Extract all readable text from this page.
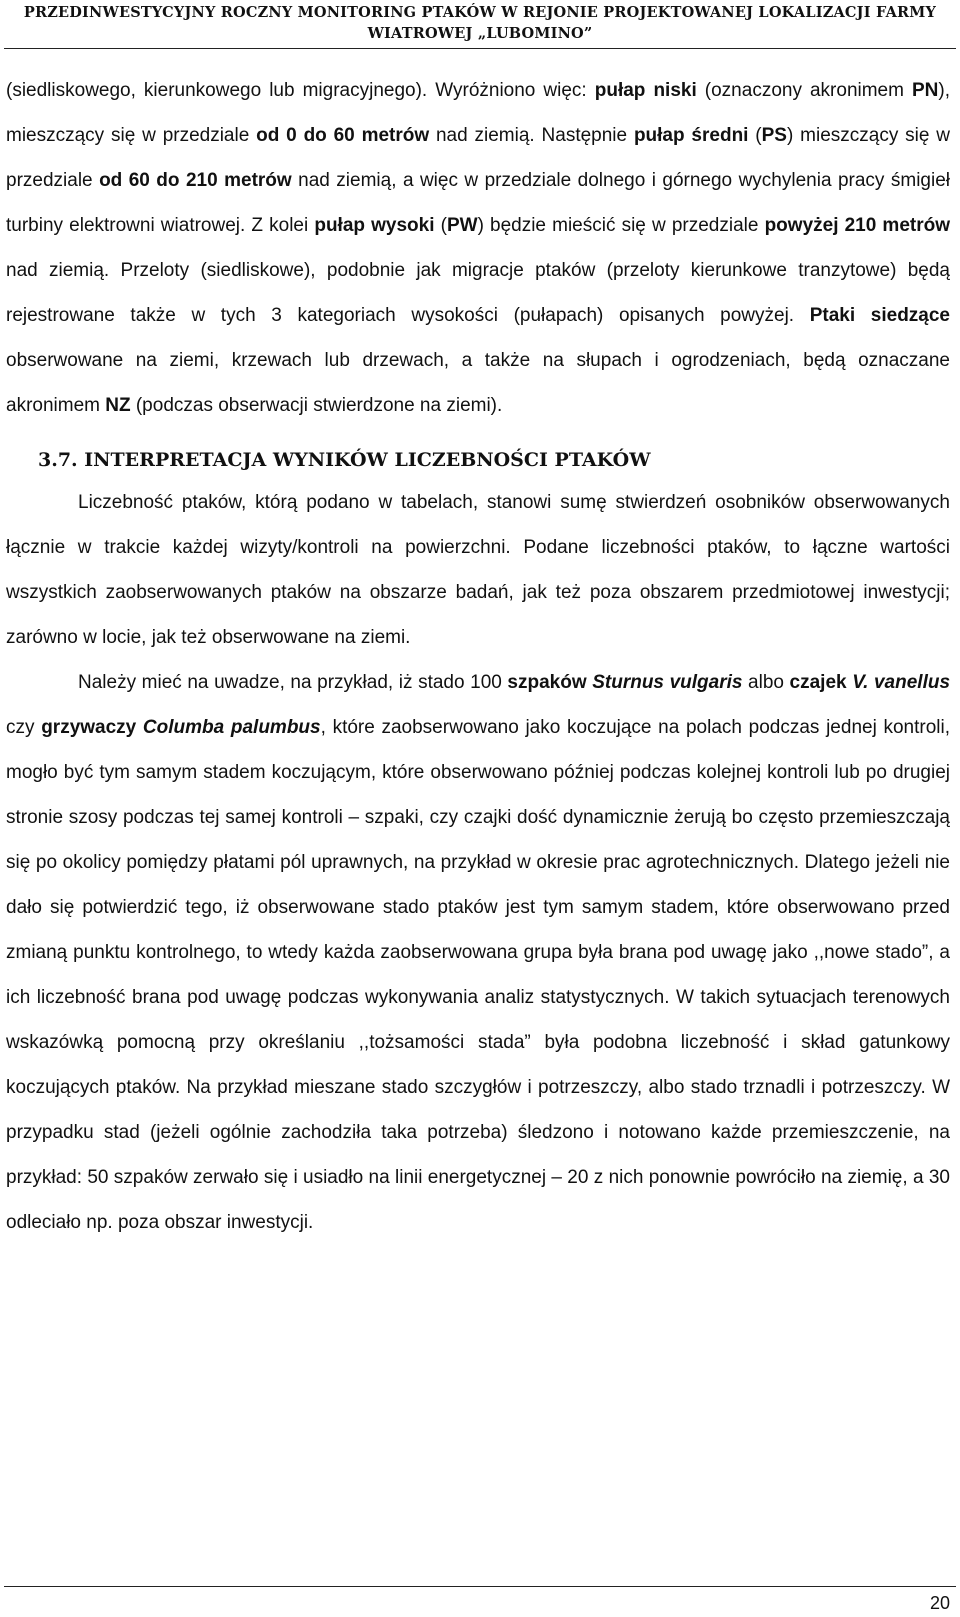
PRZEDINWESTYCYJNY ROCZNY MONITORING PTAKÓW W REJONIE PROJEKTOWANEJ LOKALIZACJI FARMY
WIATROWEJ „LUBOMINO”

(siedliskowego, kierunkowego lub migracyjnego). Wyróżniono więc: pułap niski (oznaczony akronimem PN), mieszczący się w przedziale od 0 do 60 metrów nad ziemią. Następnie pułap średni (PS) mieszczący się w przedziale od 60 do 210 metrów nad ziemią, a więc w przedziale dolnego i górnego wychylenia pracy śmigieł turbiny elektrowni wiatrowej. Z kolei pułap wysoki (PW) będzie mieścić się w przedziale powyżej 210 metrów nad ziemią. Przeloty (siedliskowe), podobnie jak migracje ptaków (przeloty kierunkowe tranzytowe) będą rejestrowane także w tych 3 kategoriach wysokości (pułapach) opisanych powyżej. Ptaki siedzące obserwowane na ziemi, krzewach lub drzewach, a także na słupach i ogrodzeniach, będą oznaczane akronimem NZ (podczas obserwacji stwierdzone na ziemi).

3.7. INTERPRETACJA WYNIKÓW LICZEBNOŚCI PTAKÓW

Liczebność ptaków, którą podano w tabelach, stanowi sumę stwierdzeń osobników obserwowanych łącznie w trakcie każdej wizyty/kontroli na powierzchni. Podane liczebności ptaków, to łączne wartości wszystkich zaobserwowanych ptaków na obszarze badań, jak też poza obszarem przedmiotowej inwestycji; zarówno w locie, jak też obserwowane na ziemi.

Należy mieć na uwadze, na przykład, iż stado 100 szpaków Sturnus vulgaris albo czajek V. vanellus czy grzywaczy Columba palumbus, które zaobserwowano jako koczujące na polach podczas jednej kontroli, mogło być tym samym stadem koczującym, które obserwowano później podczas kolejnej kontroli lub po drugiej stronie szosy podczas tej samej kontroli – szpaki, czy czajki dość dynamicznie żerują bo często przemieszczają się po okolicy pomiędzy płatami pól uprawnych, na przykład w okresie prac agrotechnicznych. Dlatego jeżeli nie dało się potwierdzić tego, iż obserwowane stado ptaków jest tym samym stadem, które obserwowano przed zmianą punktu kontrolnego, to wtedy każda zaobserwowana grupa była brana pod uwagę jako ,,nowe stado”, a ich liczebność brana pod uwagę podczas wykonywania analiz statystycznych. W takich sytuacjach terenowych wskazówką pomocną przy określaniu ,,tożsamości stada” była podobna liczebność i skład gatunkowy koczujących ptaków. Na przykład mieszane stado szczygłów i potrzeszczy, albo stado trznadli i potrzeszczy. W przypadku stad (jeżeli ogólnie zachodziła taka potrzeba) śledzono i notowano każde przemieszczenie, na przykład: 50 szpaków zerwało się i usiadło na linii energetycznej – 20 z nich ponownie powróciło na ziemię, a 30 odleciało np. poza obszar inwestycji.

20
